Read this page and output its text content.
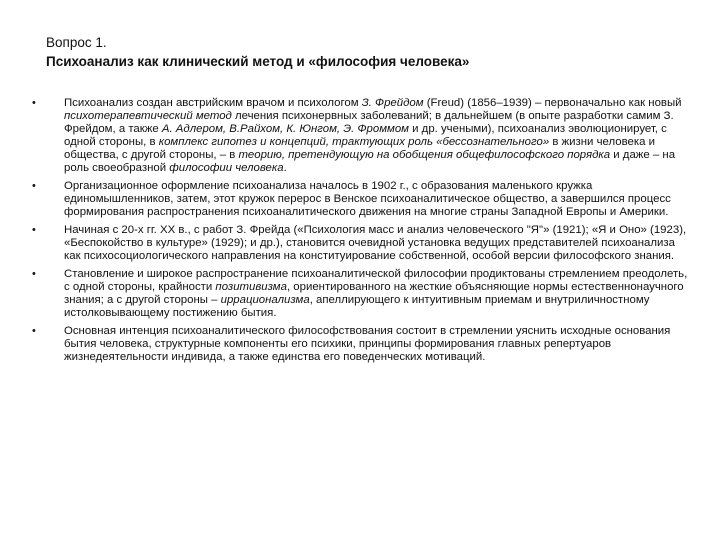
Вопрос 1.
Психоанализ как клинический метод и «философия человека»
• Психоанализ создан австрийским врачом и психологом З. Фрейдом (Freud) (1856–1939) – первоначально как новый психотерапевтический метод лечения психонервных заболеваний; в дальнейшем (в опыте разработки самим З. Фрейдом, а также А. Адлером, В.Райхом, К. Юнгом, Э. Фроммом и др. учеными), психоанализ эволюционирует, с одной стороны, в комплекс гипотез и концепций, трактующих роль «бессознательного» в жизни человека и общества, с другой стороны, – в теорию, претендующую на обобщения общефилософского порядка и даже – на роль своеобразной философии человека.
• Организационное оформление психоанализа началось в 1902 г., с образования маленького кружка единомышленников, затем, этот кружок перерос в Венское психоаналитическое общество, а завершился процесс формирования распространения психоаналитического движения на многие страны Западной Европы и Америки.
• Начиная с 20-х гг. XX в., с работ З. Фрейда («Психология масс и анализ человеческого "Я"» (1921); «Я и Оно» (1923), «Беспокойство в культуре» (1929); и др.), становится очевидной установка ведущих представителей психоанализа как психосоциологического направления на конституирование собственной, особой версии философского знания.
• Становление и широкое распространение психоаналитической философии продиктованы стремлением преодолеть, с одной стороны, крайности позитивизма, ориентированного на жесткие объясняющие нормы естественнонаучного знания; а с другой стороны – иррационализма, апеллирующего к интуитивным приемам и внутриличностному истолковывающему постижению бытия.
• Основная интенция психоаналитического философствования состоит в стремлении уяснить исходные основания бытия человека, структурные компоненты его психики, принципы формирования главных репертуаров жизнедеятельности индивида, а также единства его поведенческих мотиваций.
